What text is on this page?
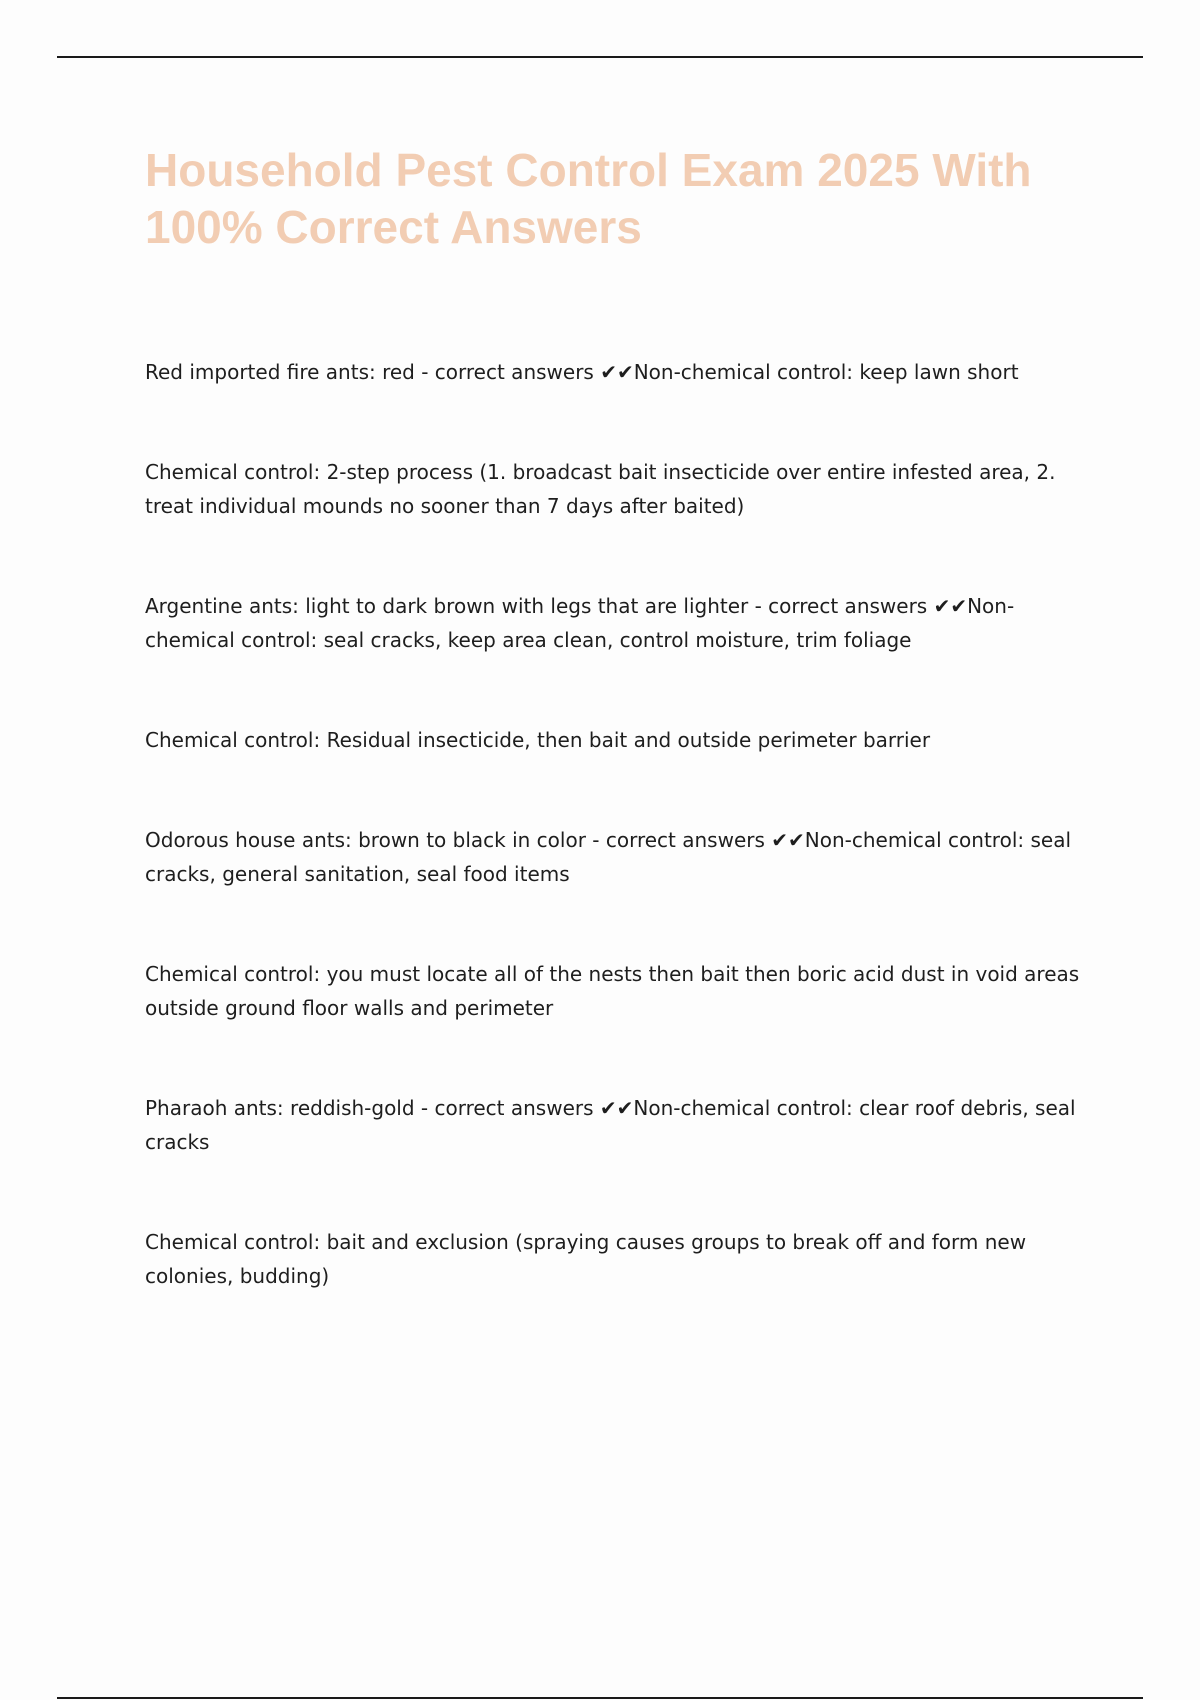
Household Pest Control Exam 2025 With 100% Correct Answers
Red imported fire ants: red - correct answers ✔✔Non-chemical control: keep lawn short
Chemical control: 2-step process (1. broadcast bait insecticide over entire infested area, 2. treat individual mounds no sooner than 7 days after baited)
Argentine ants: light to dark brown with legs that are lighter - correct answers ✔✔Non-chemical control: seal cracks, keep area clean, control moisture, trim foliage
Chemical control: Residual insecticide, then bait and outside perimeter barrier
Odorous house ants: brown to black in color - correct answers ✔✔Non-chemical control: seal cracks, general sanitation, seal food items
Chemical control: you must locate all of the nests then bait then boric acid dust in void areas outside ground floor walls and perimeter
Pharaoh ants: reddish-gold - correct answers ✔✔Non-chemical control: clear roof debris, seal cracks
Chemical control: bait and exclusion (spraying causes groups to break off and form new colonies, budding)
